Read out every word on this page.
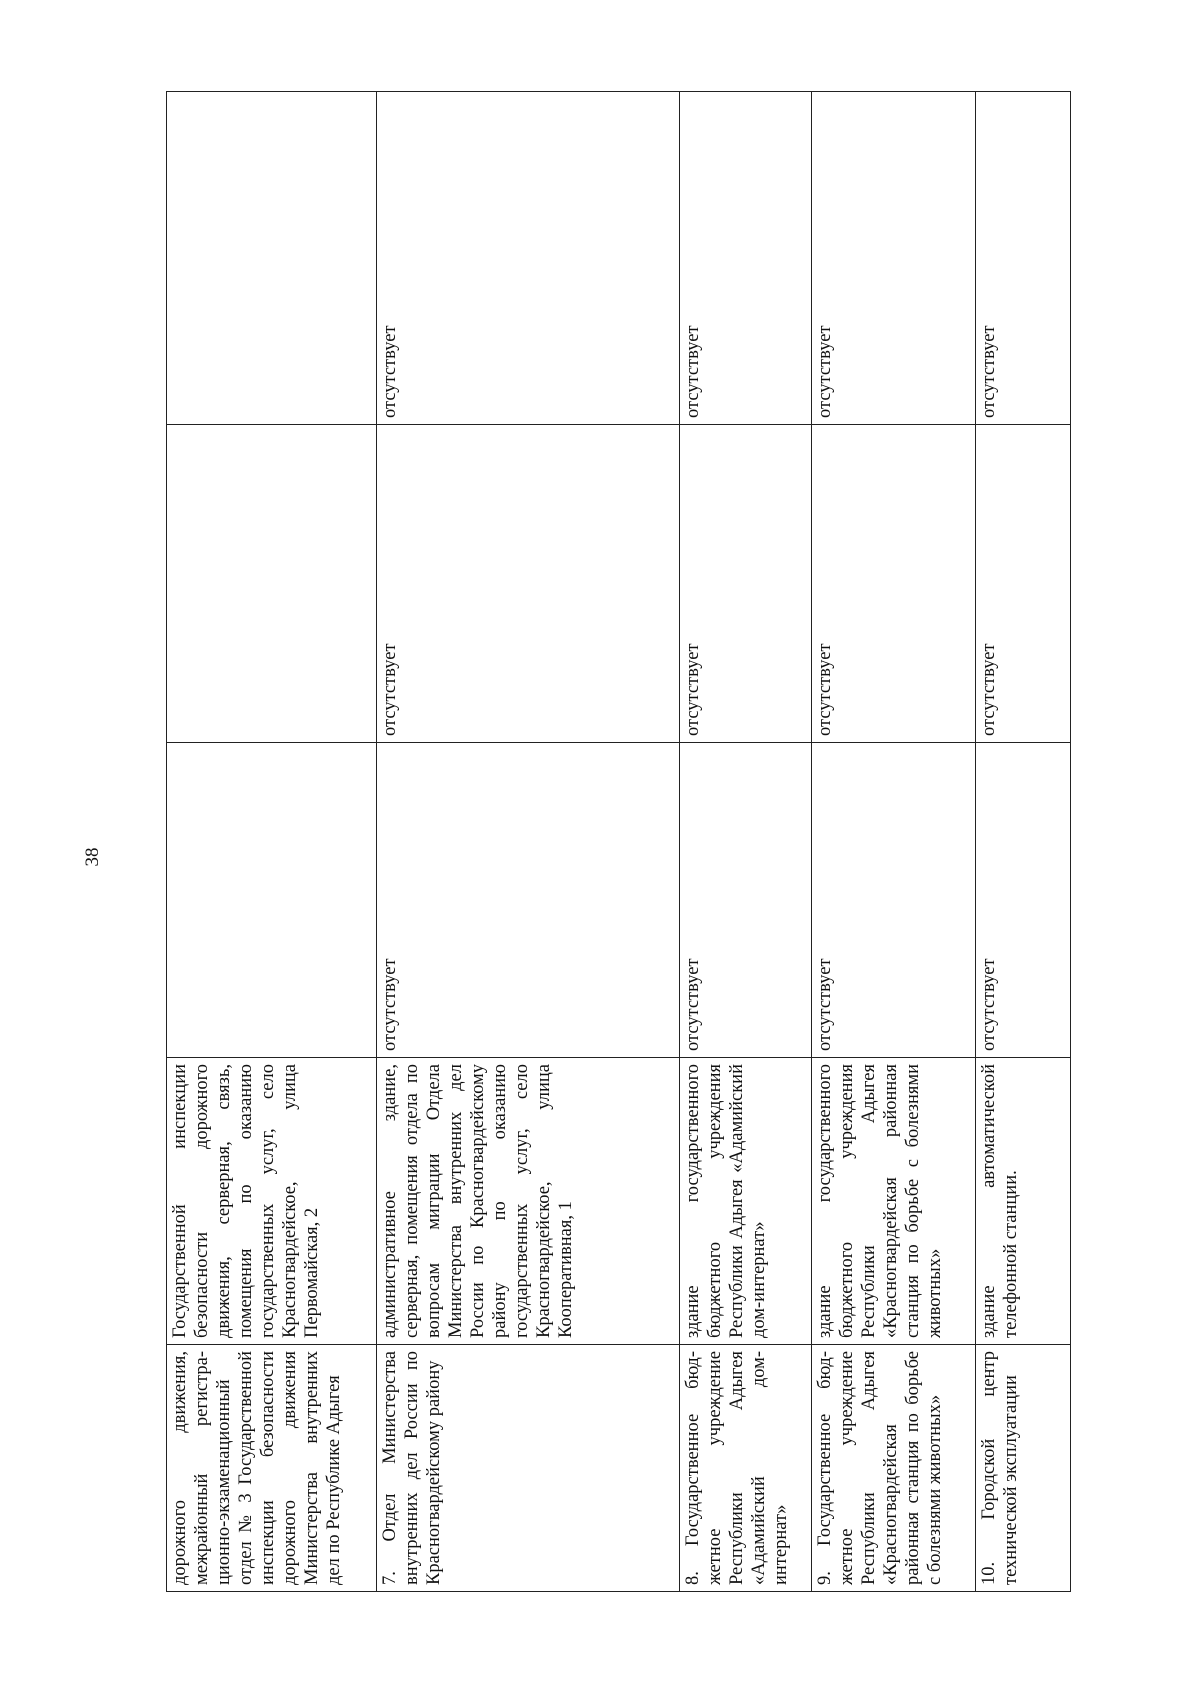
38
дорожного движения, межрайонный регистра- ционно-экзаменационный отдел № 3 Государственной инспекции безопасности дорожного движения Министерства внутренних дел по Республике Адыгея	Государственной инспекции безопасности дорожного движения, серверная, связь, помещения по оказанию государственных услуг, село Красногвардейское, улица Первомайская, 2			
7. Отдел Министерства внутренних дел России по Красногвардейскому району	административное здание, серверная, помещения отдела по вопросам миграции Отдела Министерства внутренних дел России по Красногвардейскому району по оказанию государственных услуг, село Красногвардейское, улица Кооперативная, 1	отсутствует	отсутствует	отсутствует
8. Государственное бюд- жетное учреждение Республики Адыгея «Адамийский дом- интернат»	здание государственного бюджетного учреждения Республики Адыгея «Адамийский дом-интернат»	отсутствует	отсутствует	отсутствует
9. Государственное бюд- жетное учреждение Республики Адыгея «Красногвардейская районная станция по борьбе с болезнями животных»	здание государственного бюджетного учреждения Республики Адыгея «Красногвардейская районная станция по борьбе с болезнями животных»	отсутствует	отсутствует	отсутствует
10. Городской центр технической эксплуатации	здание автоматической телефонной станции.	отсутствует	отсутствует	отсутствует
